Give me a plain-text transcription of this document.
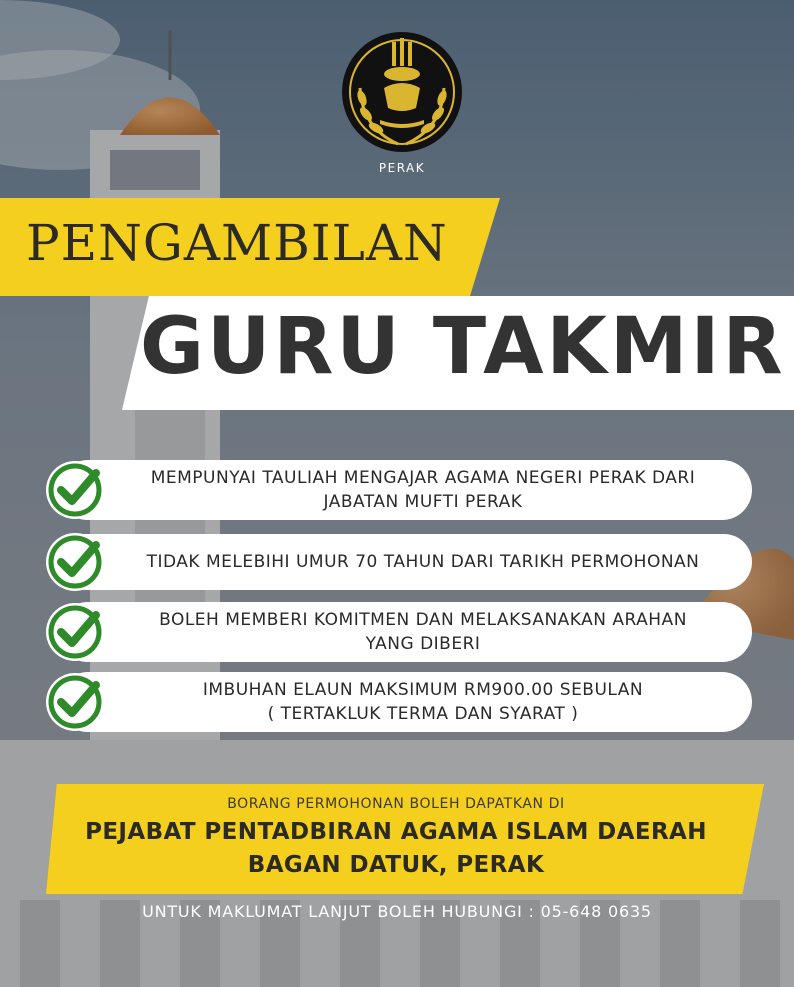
PERAK
PENGAMBILAN
GURU TAKMIR
MEMPUNYAI TAULIAH MENGAJAR AGAMA NEGERI PERAK DARI
JABATAN MUFTI PERAK
TIDAK MELEBIHI UMUR 70 TAHUN DARI TARIKH PERMOHONAN
BOLEH MEMBERI KOMITMEN DAN MELAKSANAKAN ARAHAN
YANG DIBERI
IMBUHAN ELAUN MAKSIMUM RM900.00 SEBULAN
( TERTAKLUK TERMA DAN SYARAT )
BORANG PERMOHONAN BOLEH DAPATKAN DI
PEJABAT PENTADBIRAN AGAMA ISLAM DAERAH
BAGAN DATUK, PERAK
UNTUK MAKLUMAT LANJUT BOLEH HUBUNGI : 05-648 0635
